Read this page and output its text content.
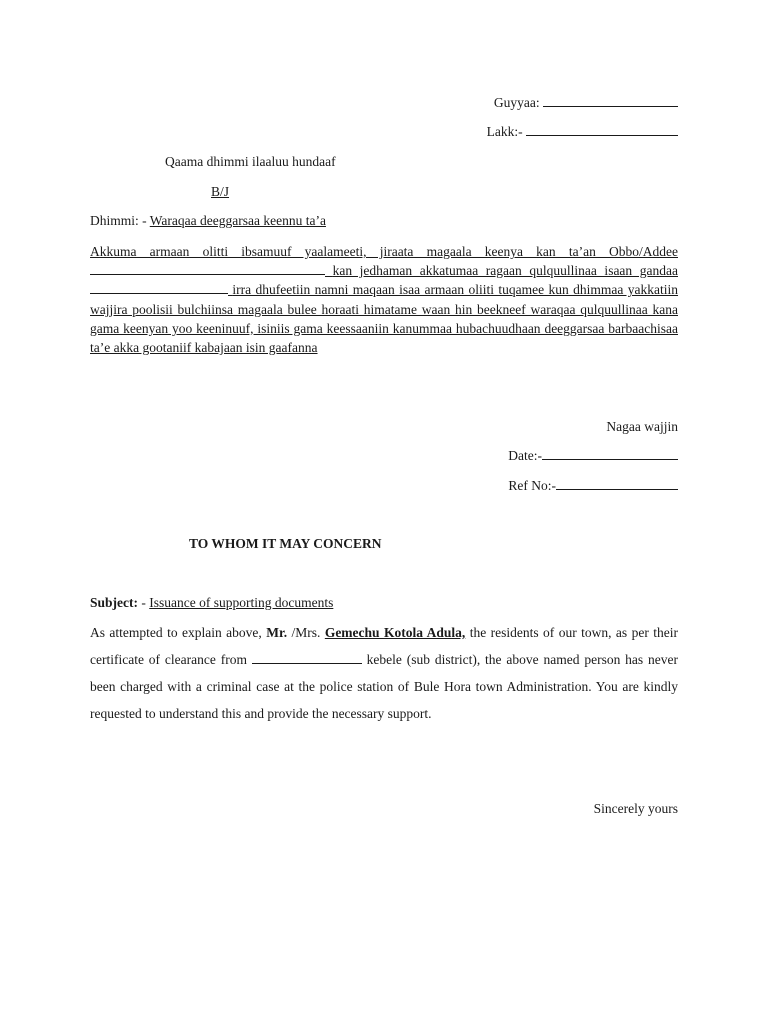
Guyyaa:
Lakk:-
Qaama dhimmi ilaaluu hundaaf
B/J
Dhimmi: - Waraqaa deeggarsaa keennu ta’a
Akkuma armaan olitti ibsamuuf yaalameeti, jiraata magaala keenya kan ta’an Obbo/Addee  kan jedhaman akkatumaa ragaan qulquullinaa isaan gandaa irra dhufeetiin namni maqaan isaa armaan oliiti tuqamee kun dhimmaa yakkatiin wajjira poolisii bulchiinsa magaala bulee horaati himatame waan hin beekneef waraqaa qulquullinaa kana gama keenyan yoo keeninuuf, isiniis gama keessaaniin kanummaa hubachuudhaan deeggarsaa barbaachisaa ta’e akka gootaniif kabajaan isin gaafanna
Nagaa wajjin
Date:-
Ref No:-
TO WHOM IT MAY CONCERN
Subject: - Issuance of supporting documents
As attempted to explain above, Mr. /Mrs. Gemechu Kotola Adula, the residents of our town, as per their certificate of clearance from	kebele (sub district), the above named person has never been charged with a criminal case at the police station of Bule Hora town Administration. You are kindly requested to understand this and provide the necessary support.
Sincerely yours
